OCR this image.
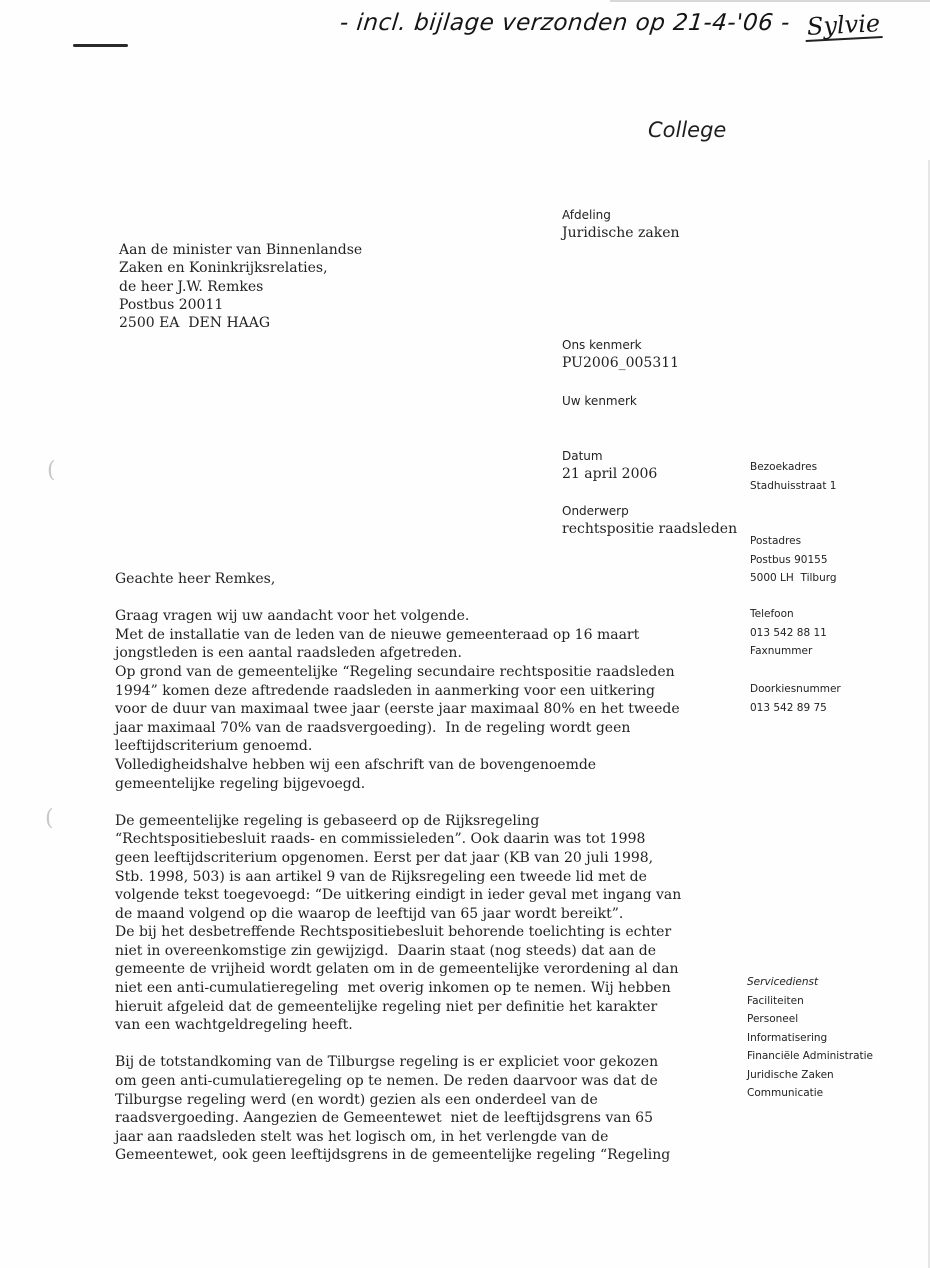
- incl. bijlage verzonden op 21-4-'06 - Sylvie
(
(
College
Afdeling
Juridische zaken
Aan de minister van Binnenlandse
Zaken en Koninkrijksrelaties,
de heer J.W. Remkes
Postbus 20011
2500 EA  DEN HAAG
Ons kenmerk
PU2006_005311
Uw kenmerk
Datum
21 april 2006
Onderwerp
rechtspositie raadsleden
Bezoekadres
Stadhuisstraat 1
Postadres
Postbus 90155
5000 LH  Tilburg
Telefoon
013 542 88 11
Faxnummer
Doorkiesnummer
013 542 89 75
Servicedienst
Faciliteiten
Personeel
Informatisering
Financiële Administratie
Juridische Zaken
Communicatie
Geachte heer Remkes,
Graag vragen wij uw aandacht voor het volgende.
Met de installatie van de leden van de nieuwe gemeenteraad op 16 maart
jongstleden is een aantal raadsleden afgetreden.
Op grond van de gemeentelijke “Regeling secundaire rechtspositie raadsleden
1994” komen deze aftredende raadsleden in aanmerking voor een uitkering
voor de duur van maximaal twee jaar (eerste jaar maximaal 80% en het tweede
jaar maximaal 70% van de raadsvergoeding).  In de regeling wordt geen
leeftijdscriterium genoemd.
Volledigheidshalve hebben wij een afschrift van de bovengenoemde
gemeentelijke regeling bijgevoegd.
De gemeentelijke regeling is gebaseerd op de Rijksregeling
“Rechtspositiebesluit raads- en commissieleden”. Ook daarin was tot 1998
geen leeftijdscriterium opgenomen. Eerst per dat jaar (KB van 20 juli 1998,
Stb. 1998, 503) is aan artikel 9 van de Rijksregeling een tweede lid met de
volgende tekst toegevoegd: “De uitkering eindigt in ieder geval met ingang van
de maand volgend op die waarop de leeftijd van 65 jaar wordt bereikt”.
De bij het desbetreffende Rechtspositiebesluit behorende toelichting is echter
niet in overeenkomstige zin gewijzigd.  Daarin staat (nog steeds) dat aan de
gemeente de vrijheid wordt gelaten om in de gemeentelijke verordening al dan
niet een anti-cumulatieregeling  met overig inkomen op te nemen. Wij hebben
hieruit afgeleid dat de gemeentelijke regeling niet per definitie het karakter
van een wachtgeldregeling heeft.
Bij de totstandkoming van de Tilburgse regeling is er expliciet voor gekozen
om geen anti-cumulatieregeling op te nemen. De reden daarvoor was dat de
Tilburgse regeling werd (en wordt) gezien als een onderdeel van de
raadsvergoeding. Aangezien de Gemeentewet  niet de leeftijdsgrens van 65
jaar aan raadsleden stelt was het logisch om, in het verlengde van de
Gemeentewet, ook geen leeftijdsgrens in de gemeentelijke regeling “Regeling
